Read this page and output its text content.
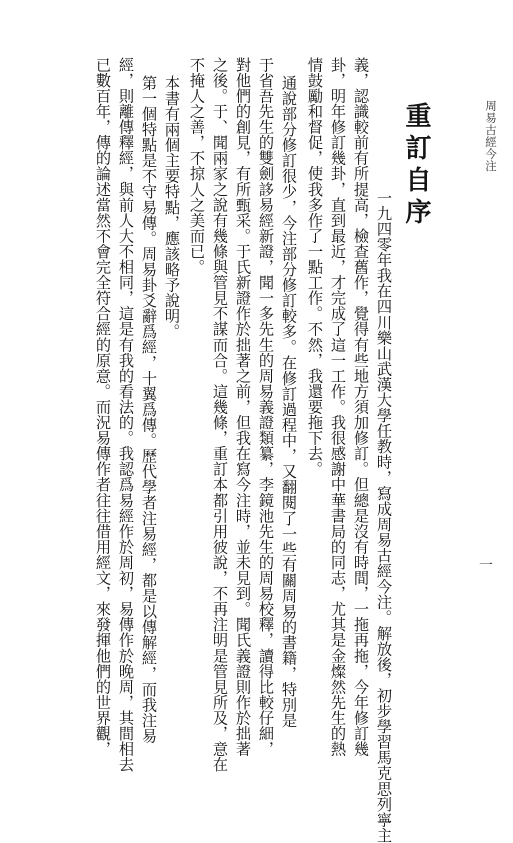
周易古經今注
重訂自序
一
一九四零年我在四川樂山武漢大學任教時，寫成周易古經今注。解放後，初步學習馬克思列寧主
義，認識較前有所提高，檢查舊作，覺得有些地方須加修訂。但總是沒有時間，一拖再拖，今年修訂幾
卦，明年修訂幾卦，直到最近，才完成了這一工作。我很感謝中華書局的同志，尤其是金燦然先生的熱
情鼓勵和督促，使我多作了一點工作。不然，我還要拖下去。
通說部分修訂很少，今注部分修訂較多。在修訂過程中，又翻閱了一些有關周易的書籍，特別是
于省吾先生的雙劍誃易經新證，聞一多先生的周易義證類纂，李鏡池先生的周易校釋，讀得比較仔細，
對他們的創見，有所甄采。于氏新證作於拙著之前，但我在寫今注時，並未見到。聞氏義證則作於拙著
之後。于、聞兩家之說有幾條與管見不謀而合。這幾條，重訂本都引用彼說，不再注明是管見所及，意在
不掩人之善，不掠人之美而已。
本書有兩個主要特點，應該略予說明。
第一個特點是不守易傳。周易卦爻辭爲經，十翼爲傳。歷代學者注易經，都是以傳解經，而我注易
經，則離傳釋經，與前人大不相同，這是有我的看法的。我認爲易經作於周初，易傳作於晚周，其間相去
已數百年，傳的論述當然不會完全符合經的原意。而況易傳作者往往借用經文，來發揮他們的世界觀，
